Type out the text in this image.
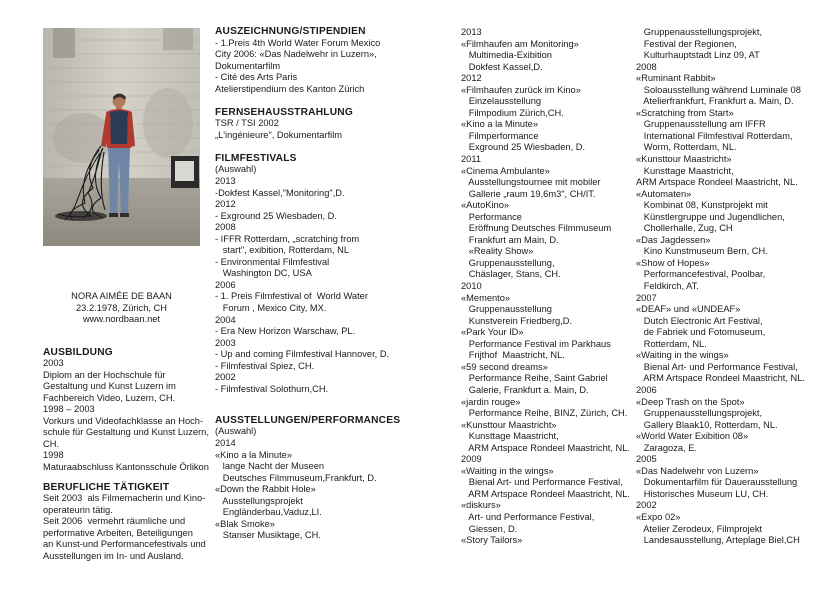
NORA AIMÉE DE BAAN
23.2.1978, Zürich, CH
www.nordbaan.net
AUSBILDUNG
2003
Diplom an der Hochschule für
Gestaltung und Kunst Luzern im
Fachbereich Video, Luzern, CH.
1998 – 2003
Vorkurs und Videofachklasse an Hoch-
schule für Gestaltung und Kunst Luzern,
CH.
1998
Maturaabschluss Kantonsschule Örlikon
BERUFLICHE TÄTIGKEIT
Seit 2003  als Filmemacherin und Kino-
operateurin tätig.
Seit 2006  vermehrt räumliche und
performative Arbeiten, Beteiligungen
an Kunst-und Performancefestivals und
Ausstellungen im In- und Ausland.
AUSZEICHNUNG/STIPENDIEN
- 1.Preis 4th World Water Forum Mexico
City 2006: «Das Nadelwehr in Luzern»,
Dokumentarfilm
- Cité des Arts Paris
Atelierstipendium des Kanton Zürich
FERNSEHAUSSTRAHLUNG
TSR / TSI 2002
„L'ingénieure", Dokumentarfilm
FILMFESTIVALS
(Auswahl)
2013
-Dokfest Kassel,"Monitoring",D.
2012
- Exground 25 Wiesbaden, D.
2008
- IFFR Rotterdam, „scratching from
start", exibition, Rotterdam, NL
- Environmental Filmfestival
Washington DC, USA
2006
- 1. Preis Filmfestival of  World Water
Forum , Mexico City, MX.
2004
- Era New Horizon Warschaw, PL.
2003
- Up and coming Filmfestival Hannover, D.
- Filmfestival Spiez, CH.
2002
- Filmfestival Solothurn,CH.
AUSSTELLUNGEN/PERFORMANCES
(Auswahl)
2014
«Kino a la Minute»
lange Nacht der Museen
Deutsches Filmmuseum,Frankfurt, D.
«Down the Rabbit Hole»
Ausstellungsprojekt
Engländerbau,Vaduz,LI.
«Blak Smoke»
Stanser Musiktage, CH.
2013
«Filmhaufen am Monitoring»
Multimedia-Exibition
Dokfest Kassel,D.
2012
«Filmhaufen zurück im Kino»
Einzelausstellung
Filmpodium Zürich,CH.
«Kino a la Minute»
Filmperformance
Exground 25 Wiesbaden, D.
2011
«Cinema Ambulante»
Ausstellungstournee mit mobiler
Gallerie „raum 19,6m3", CH/IT.
«AutoKino»
Performance
Eröffnung Deutsches Filmmuseum
Frankfurt am Main, D.
«Reality Show»
Gruppenausstellung,
Chäslager, Stans, CH.
2010
«Memento»
Gruppenausstellung
Kunstverein Friedberg,D.
«Park Your ID»
Performance Festival im Parkhaus
Frijthof  Maastricht, NL.
«59 second dreams»
Performance Reihe, Saint Gabriel
Galerie, Frankfurt a. Main, D.
«jardin rouge»
Performance Reihe, BINZ, Zürich, CH.
«Kunsttour Maastricht»
Kunsttage Maastricht,
ARM Artspace Rondeel Maastricht, NL.
2009
«Waiting in the wings»
Bienal Art- und Performance Festival,
ARM Artspace Rondeel Maastricht, NL.
«diskurs»
Art- und Performance Festival,
Giessen, D.
«Story Tailors»
Gruppenausstellungsprojekt,
Festival der Regionen,
Kulturhauptstadt Linz 09, AT
2008
«Ruminant Rabbit»
Soloausstellung während Luminale 08
Atelierfrankfurt, Frankfurt a. Main, D.
«Scratching from Start»
Gruppenausstellung am IFFR
International Filmfestival Rotterdam,
Worm, Rotterdam, NL.
«Kunsttour Maastricht»
Kunsttage Maastricht,
ARM Artspace Rondeel Maastricht, NL.
«Automaten»
Kombinat 08, Kunstprojekt mit
Künstlergruppe und Jugendlichen,
Chollerhalle, Zug, CH
«Das Jagdessen»
Kino Kunstmuseum Bern, CH.
«Show of Hopes»
Performancefestival, Poolbar,
Feldkirch, AT.
2007
«DEAF» und «UNDEAF»
Dutch Electronic Art Festival,
de Fabriek und Fotomuseum,
Rotterdam, NL.
«Waiting in the wings»
Bienal Art- und Performance Festival,
ARM Artspace Rondeel Maastricht, NL.
2006
«Deep Trash on the Spot»
Gruppenausstellungsprojekt,
Gallery Blaak10, Rotterdam, NL.
«World Water Exibition 08»
Zaragoza, E.
2005
«Das Nadelwehr von Luzern»
Dokumentarfilm für Dauerausstellung
Historisches Museum LU, CH.
2002
«Expo 02»
Atelier Zerodeux, Filmprojekt
Landesausstellung, Arteplage Biel,CH
